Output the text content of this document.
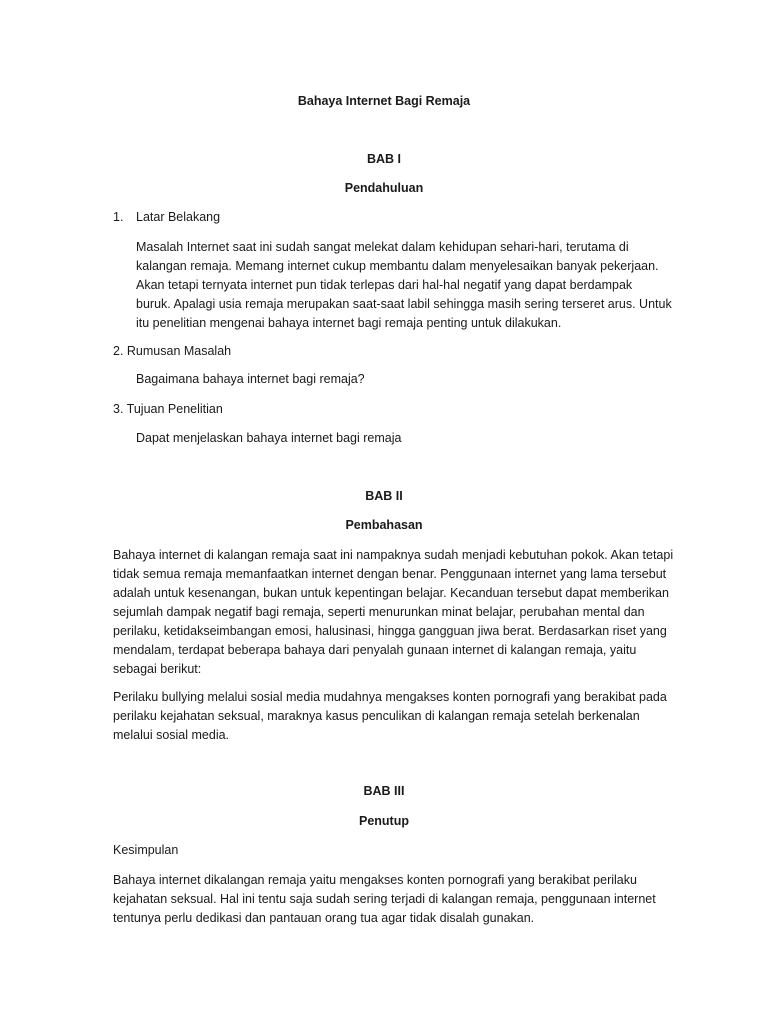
Bahaya Internet Bagi Remaja
BAB I
Pendahuluan
1. Latar Belakang
Masalah Internet saat ini sudah sangat melekat dalam kehidupan sehari-hari, terutama di
kalangan remaja. Memang internet cukup membantu dalam menyelesaikan banyak pekerjaan.
Akan tetapi ternyata internet pun tidak terlepas dari hal-hal negatif yang dapat berdampak
buruk. Apalagi usia remaja merupakan saat-saat labil sehingga masih sering terseret arus. Untuk
itu penelitian mengenai bahaya internet bagi remaja penting untuk dilakukan.
2. Rumusan Masalah
Bagaimana bahaya internet bagi remaja?
3. Tujuan Penelitian
Dapat menjelaskan bahaya internet bagi remaja
BAB II
Pembahasan
Bahaya internet di kalangan remaja saat ini nampaknya sudah menjadi kebutuhan pokok. Akan tetapi
tidak semua remaja memanfaatkan internet dengan benar. Penggunaan internet yang lama tersebut
adalah untuk kesenangan, bukan untuk kepentingan belajar. Kecanduan tersebut dapat memberikan
sejumlah dampak negatif bagi remaja, seperti menurunkan minat belajar, perubahan mental dan
perilaku, ketidakseimbangan emosi, halusinasi, hingga gangguan jiwa berat. Berdasarkan riset yang
mendalam, terdapat beberapa bahaya dari penyalah gunaan internet di kalangan remaja, yaitu
sebagai berikut:
Perilaku bullying melalui sosial media mudahnya mengakses konten pornografi yang berakibat pada
perilaku kejahatan seksual, maraknya kasus penculikan di kalangan remaja setelah berkenalan
melalui sosial media.
BAB III
Penutup
Kesimpulan
Bahaya internet dikalangan remaja yaitu mengakses konten pornografi yang berakibat perilaku
kejahatan seksual. Hal ini tentu saja sudah sering terjadi di kalangan remaja, penggunaan internet
tentunya perlu dedikasi dan pantauan orang tua agar tidak disalah gunakan.
